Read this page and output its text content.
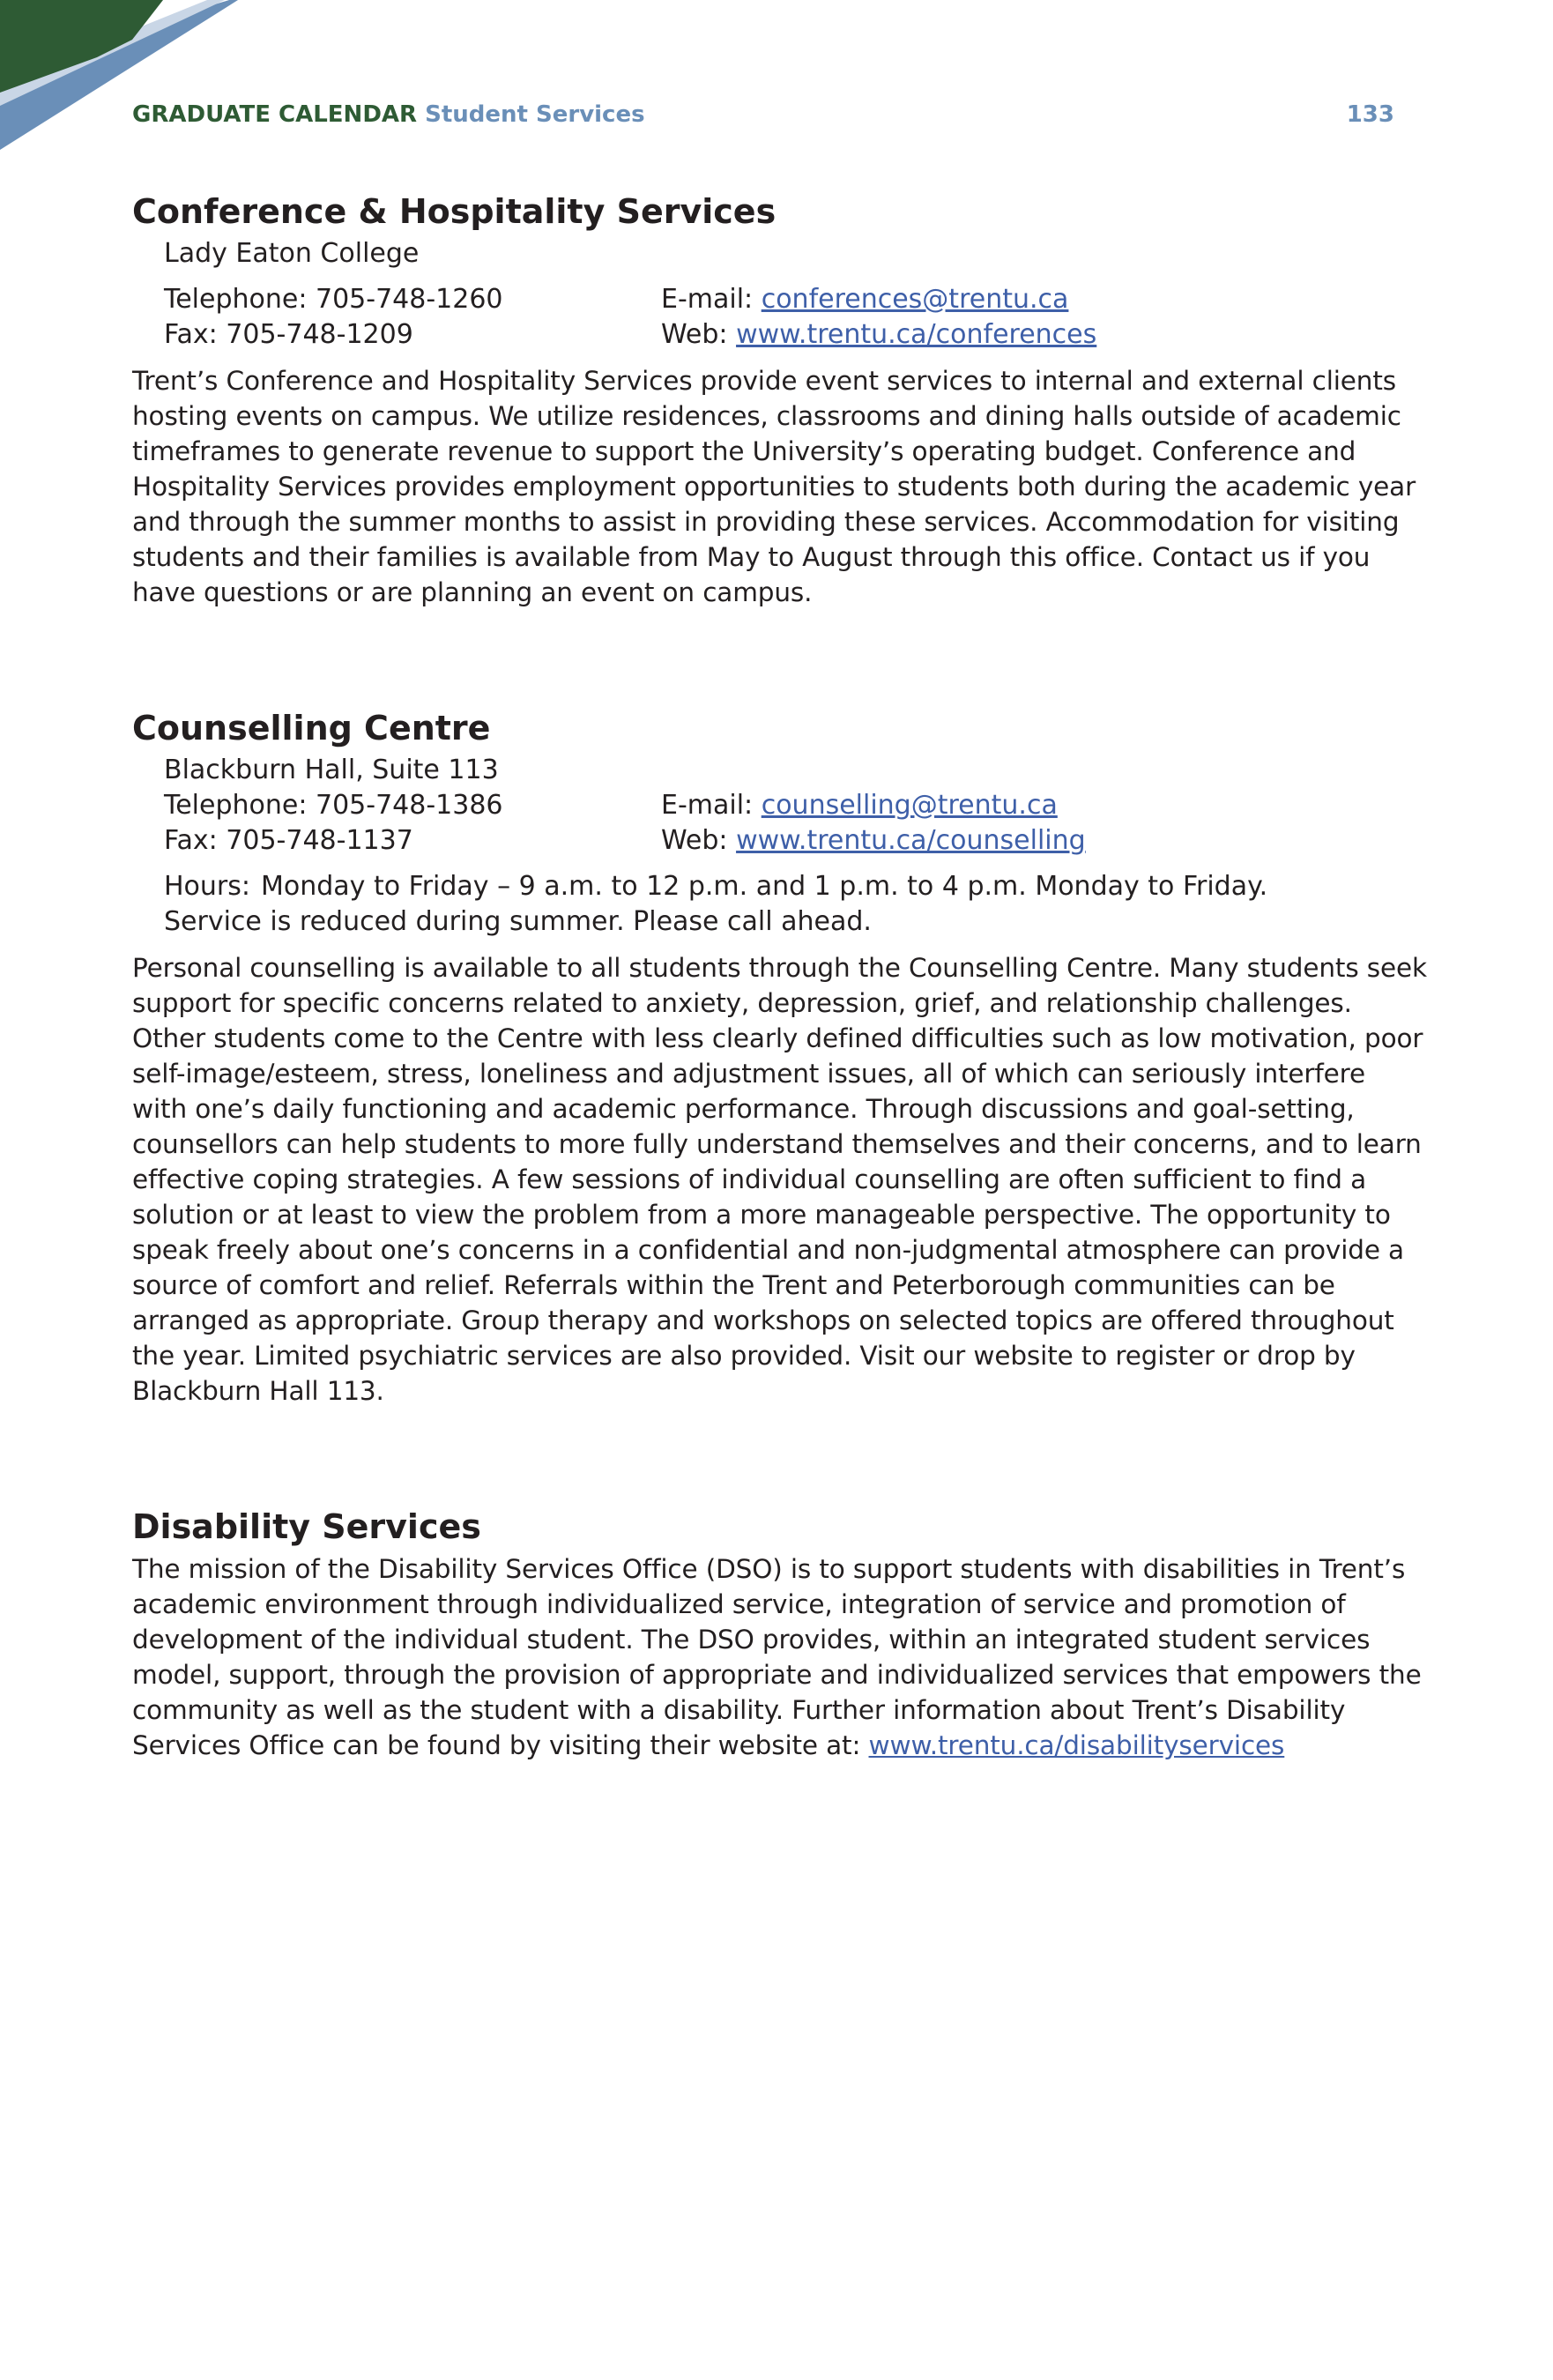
GRADUATE CALENDAR Student Services	133
Conference & Hospitality Services
Lady Eaton College
Telephone: 705-748-1260	E-mail: conferences@trentu.ca
Fax: 705-748-1209	Web: www.trentu.ca/conferences

Trent’s Conference and Hospitality Services provide event services to internal and external clients hosting events on campus. We utilize residences, classrooms and dining halls outside of academic timeframes to generate revenue to support the University’s operating budget. Conference and Hospitality Services provides employment opportunities to students both during the academic year and through the summer months to assist in providing these services. Accommodation for visiting students and their families is available from May to August through this office. Contact us if you have questions or are planning an event on campus.

Counselling Centre
Blackburn Hall, Suite 113
Telephone: 705-748-1386	E-mail: counselling@trentu.ca
Fax: 705-748-1137	Web: www.trentu.ca/counselling
Hours: Monday to Friday – 9 a.m. to 12 p.m. and 1 p.m. to 4 p.m. Monday to Friday.
Service is reduced during summer. Please call ahead.

Personal counselling is available to all students through the Counselling Centre. Many students seek support for specific concerns related to anxiety, depression, grief, and relationship challenges. Other students come to the Centre with less clearly defined difficulties such as low motivation, poor self-image/esteem, stress, loneliness and adjustment issues, all of which can seriously interfere with one’s daily functioning and academic performance. Through discussions and goal-setting, counsellors can help students to more fully understand themselves and their concerns, and to learn effective coping strategies. A few sessions of individual counselling are often sufficient to find a solution or at least to view the problem from a more manageable perspective. The opportunity to speak freely about one’s concerns in a confidential and non-judgmental atmosphere can provide a source of comfort and relief. Referrals within the Trent and Peterborough communities can be arranged as appropriate. Group therapy and workshops on selected topics are offered throughout the year. Limited psychiatric services are also provided. Visit our website to register or drop by Blackburn Hall 113.

Disability Services

The mission of the Disability Services Office (DSO) is to support students with disabilities in Trent’s academic environment through individualized service, integration of service and promotion of development of the individual student. The DSO provides, within an integrated student services model, support, through the provision of appropriate and individualized services that empowers the community as well as the student with a disability. Further information about Trent’s Disability Services Office can be found by visiting their website at: www.trentu.ca/disabilityservices
